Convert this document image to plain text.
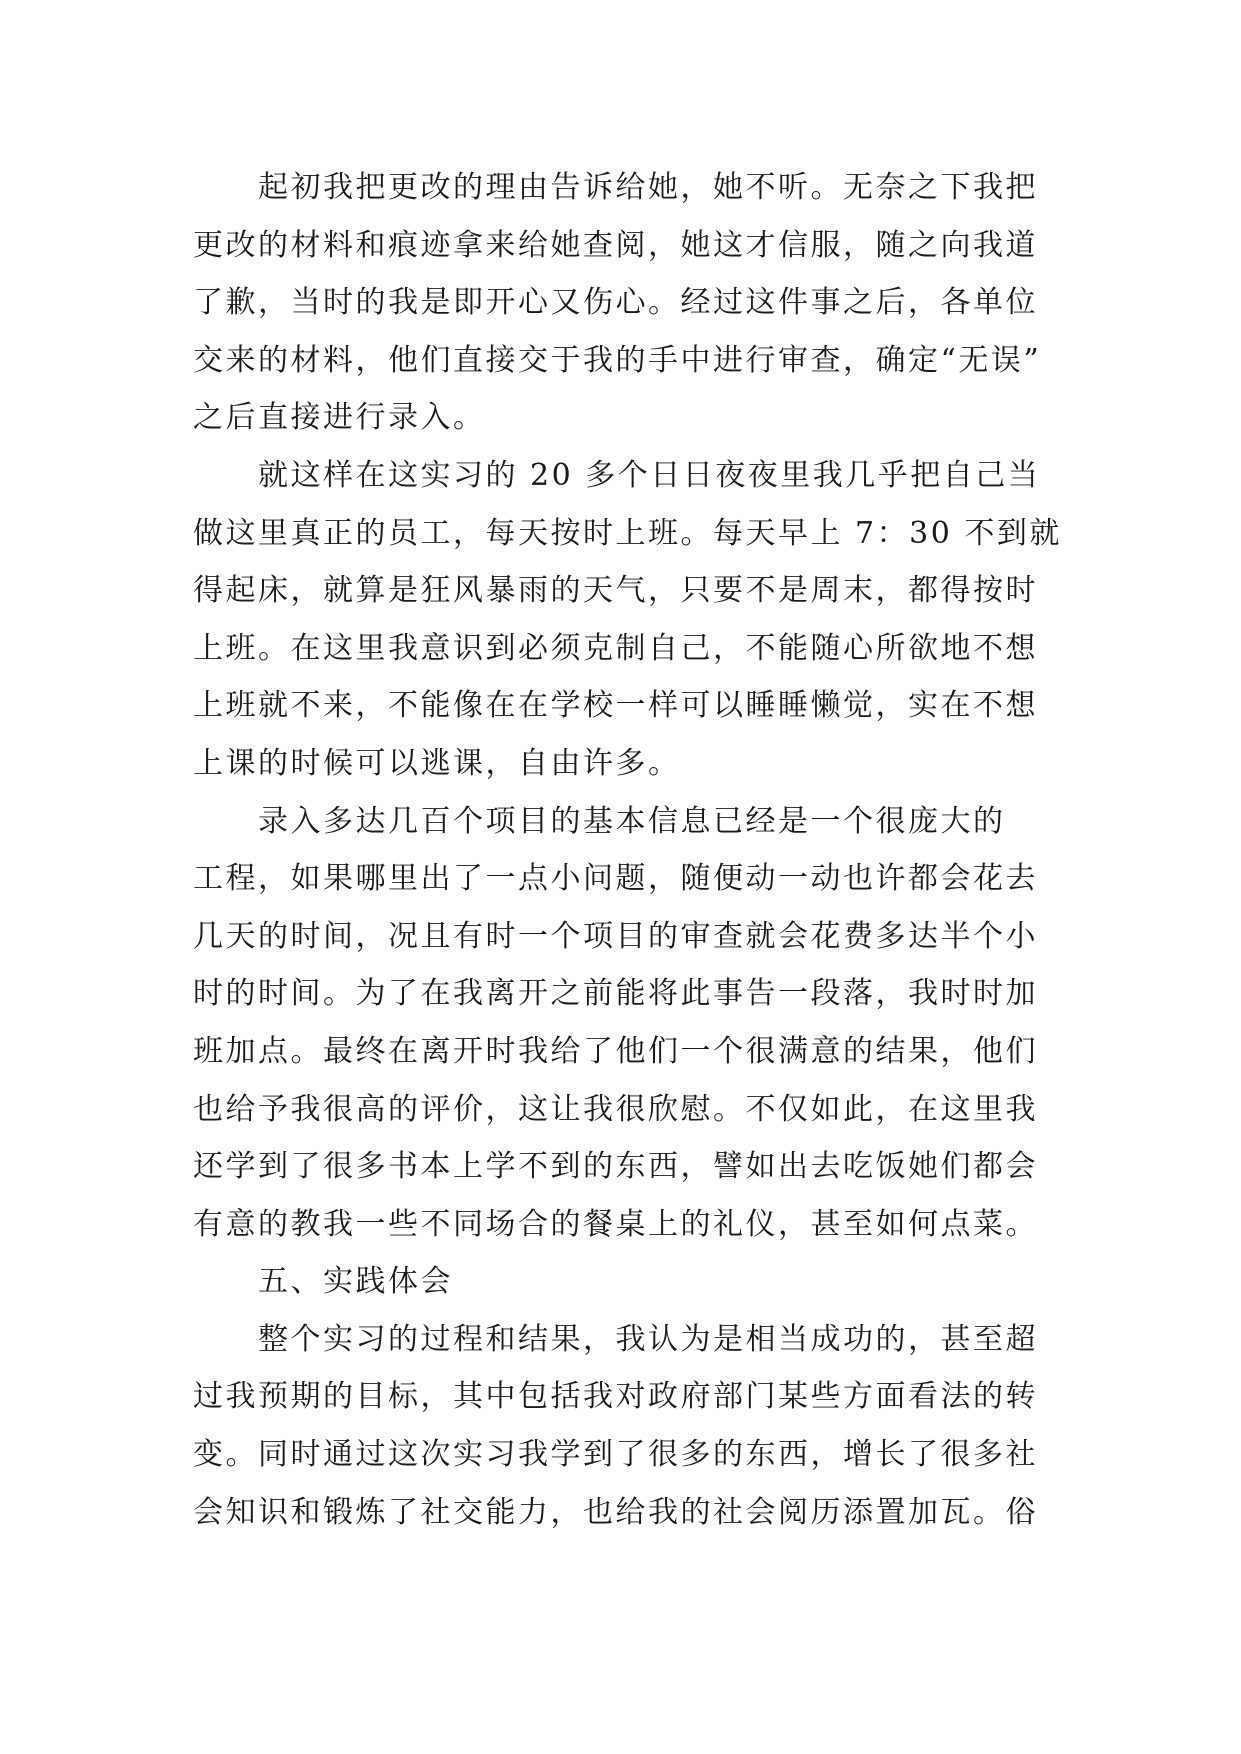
起初我把更改的理由告诉给她，她不听。无奈之下我把
更改的材料和痕迹拿来给她查阅，她这才信服，随之向我道
了歉，当时的我是即开心又伤心。经过这件事之后，各单位
交来的材料，他们直接交于我的手中进行审查，确定“无误”
之后直接进行录入。
就这样在这实习的 20 多个日日夜夜里我几乎把自己当
做这里真正的员工，每天按时上班。每天早上 7：30 不到就
得起床，就算是狂风暴雨的天气，只要不是周末，都得按时
上班。在这里我意识到必须克制自己，不能随心所欲地不想
上班就不来，不能像在在学校一样可以睡睡懒觉，实在不想
上课的时候可以逃课，自由许多。
录入多达几百个项目的基本信息已经是一个很庞大的
工程，如果哪里出了一点小问题，随便动一动也许都会花去
几天的时间，况且有时一个项目的审查就会花费多达半个小
时的时间。为了在我离开之前能将此事告一段落，我时时加
班加点。最终在离开时我给了他们一个很满意的结果，他们
也给予我很高的评价，这让我很欣慰。不仅如此，在这里我
还学到了很多书本上学不到的东西，譬如出去吃饭她们都会
有意的教我一些不同场合的餐桌上的礼仪，甚至如何点菜。
五、实践体会
整个实习的过程和结果，我认为是相当成功的，甚至超
过我预期的目标，其中包括我对政府部门某些方面看法的转
变。同时通过这次实习我学到了很多的东西，增长了很多社
会知识和锻炼了社交能力，也给我的社会阅历添置加瓦。俗
